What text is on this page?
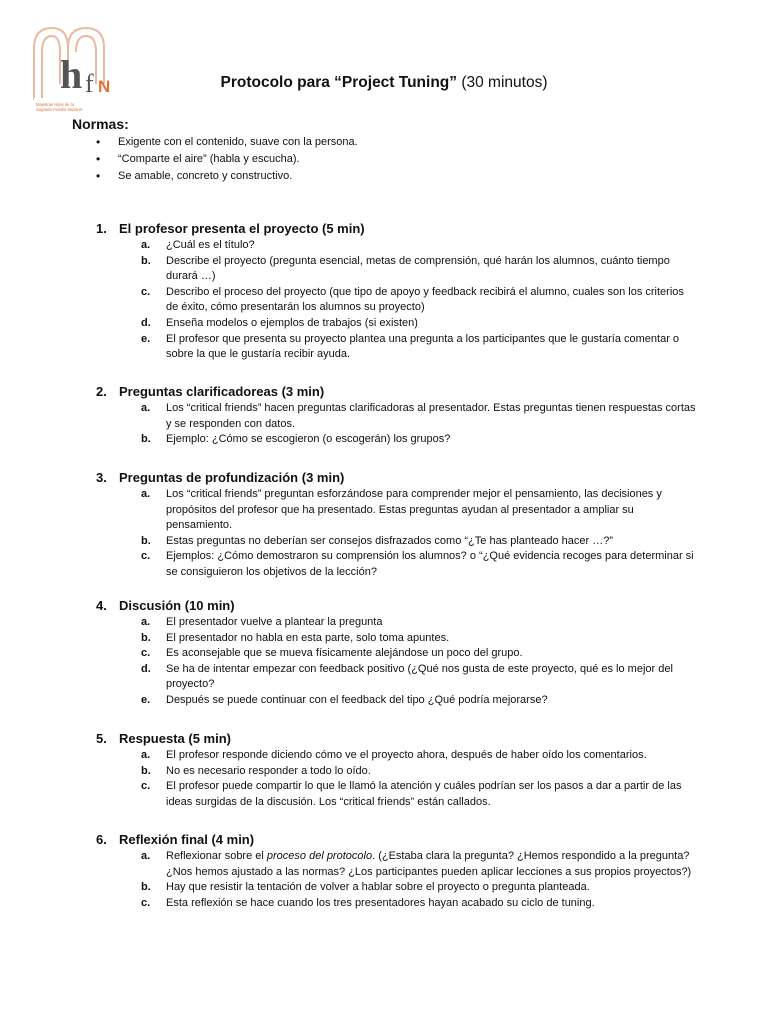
h f N
Maestras Hijas de la
Sagrada Familia Nazaret
Protocolo para “Project Tuning” (30 minutos)
Normas:
• Exigente con el contenido, suave con la persona.
• “Comparte el aire” (habla y escucha).
• Se amable, concreto y constructivo.
1. El profesor presenta el proyecto (5 min)
a. ¿Cuál es el título?
b. Describe el proyecto (pregunta esencial, metas de comprensión, qué harán los alumnos, cuánto tiempo durará …)
c. Describo el proceso del proyecto (que tipo de apoyo y feedback recibirá el alumno, cuales son los criterios de éxito, cómo presentarán los alumnos su proyecto)
d. Enseña modelos o ejemplos de trabajos (si existen)
e. El profesor que presenta su proyecto plantea una pregunta a los participantes que le gustaría comentar o sobre la que le gustaría recibir ayuda.
2. Preguntas clarificadoreas (3 min)
a. Los “critical friends” hacen preguntas clarificadoras al presentador. Estas preguntas tienen respuestas cortas y se responden con datos.
b. Ejemplo: ¿Cómo se escogieron (o escogerán) los grupos?
3. Preguntas de profundización (3 min)
a. Los “critical friends” preguntan esforzándose para comprender mejor el pensamiento, las decisiones y propósitos del profesor que ha presentado. Estas preguntas ayudan al presentador a ampliar su pensamiento.
b. Estas preguntas no deberían ser consejos disfrazados como “¿Te has planteado hacer …?”
c. Ejemplos: ¿Cómo demostraron su comprensión los alumnos? o “¿Qué evidencia recoges para determinar si se consiguieron los objetivos de la lección?
4. Discusión (10 min)
a. El presentador vuelve a plantear la pregunta
b. El presentador no habla en esta parte, solo toma apuntes.
c. Es aconsejable que se mueva físicamente alejándose un poco del grupo.
d. Se ha de intentar empezar con feedback positivo (¿Qué nos gusta de este proyecto, qué es lo mejor del proyecto?
e. Después se puede continuar con el feedback del tipo ¿Qué podría mejorarse?
5. Respuesta (5 min)
a. El profesor responde diciendo cómo ve el proyecto ahora, después de haber oído los comentarios.
b. No es necesario responder a todo lo oído.
c. El profesor puede compartir lo que le llamó la atención y cuáles podrían ser los pasos a dar a partir de las ideas surgidas de la discusión. Los “critical friends” están callados.
6. Reflexión final (4 min)
a. Reflexionar sobre el proceso del protocolo. (¿Estaba clara la pregunta? ¿Hemos respondido a la pregunta? ¿Nos hemos ajustado a las normas? ¿Los participantes pueden aplicar lecciones a sus propios proyectos?)
b. Hay que resistir la tentación de volver a hablar sobre el proyecto o pregunta planteada.
c. Esta reflexión se hace cuando los tres presentadores hayan acabado su ciclo de tuning.
